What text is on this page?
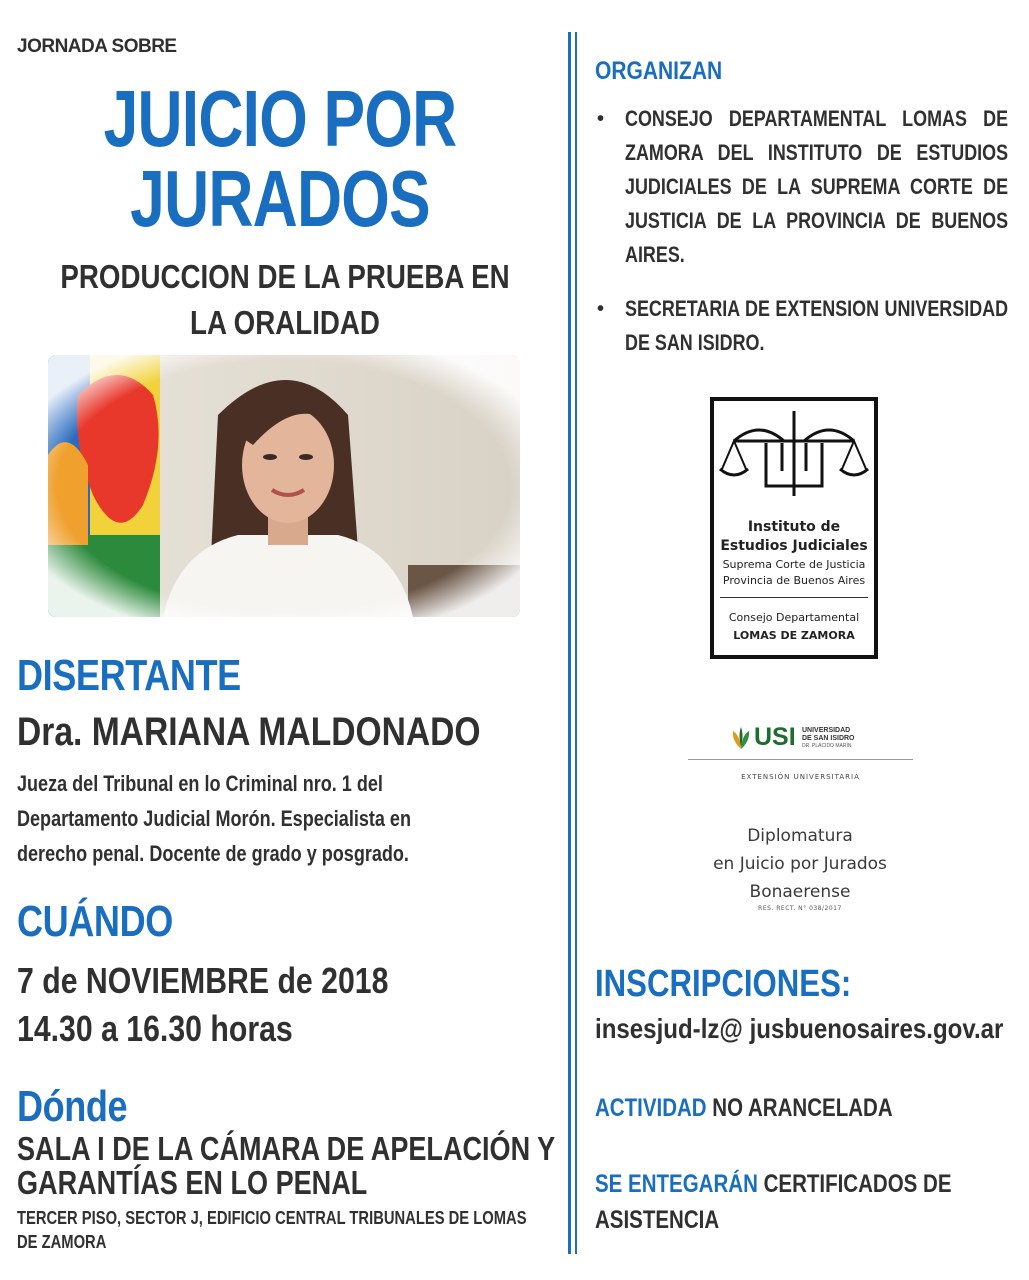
JORNADA SOBRE
JUICIO POR
JURADOS
PRODUCCION DE LA PRUEBA EN LA ORALIDAD
DISERTANTE
Dra. MARIANA MALDONADO
Jueza del Tribunal en lo Criminal nro. 1 del Departamento Judicial Morón. Especialista en derecho penal. Docente de grado y posgrado.
CUÁNDO
7 de NOVIEMBRE de 2018
14.30 a 16.30 horas
Dónde
SALA I DE LA CÁMARA DE APELACIÓN Y
GARANTÍAS EN LO PENAL
TERCER PISO, SECTOR J, EDIFICIO CENTRAL TRIBUNALES DE LOMAS DE ZAMORA
ORGANIZAN
• CONSEJO DEPARTAMENTAL LOMAS DE ZAMORA DEL INSTITUTO DE ESTUDIOS JUDICIALES DE LA SUPREMA CORTE DE JUSTICIA DE LA PROVINCIA DE BUENOS AIRES.
• SECRETARIA DE EXTENSION UNIVERSIDAD DE SAN ISIDRO.
Instituto de
Estudios Judiciales
Suprema Corte de Justicia
Provincia de Buenos Aires
Consejo Departamental
LOMAS DE ZAMORA
USI UNIVERSIDAD
DE SAN ISIDRO
DR. PLÁCIDO MARÍN
EXTENSIÓN UNIVERSITARIA
Diplomatura
en Juicio por Jurados
Bonaerense
RES. RECT. N° 038/2017
INSCRIPCIONES:
insesjud-lz@ jusbuenosaires.gov.ar
ACTIVIDAD NO ARANCELADA
SE ENTEGARÁN CERTIFICADOS DE
ASISTENCIA
